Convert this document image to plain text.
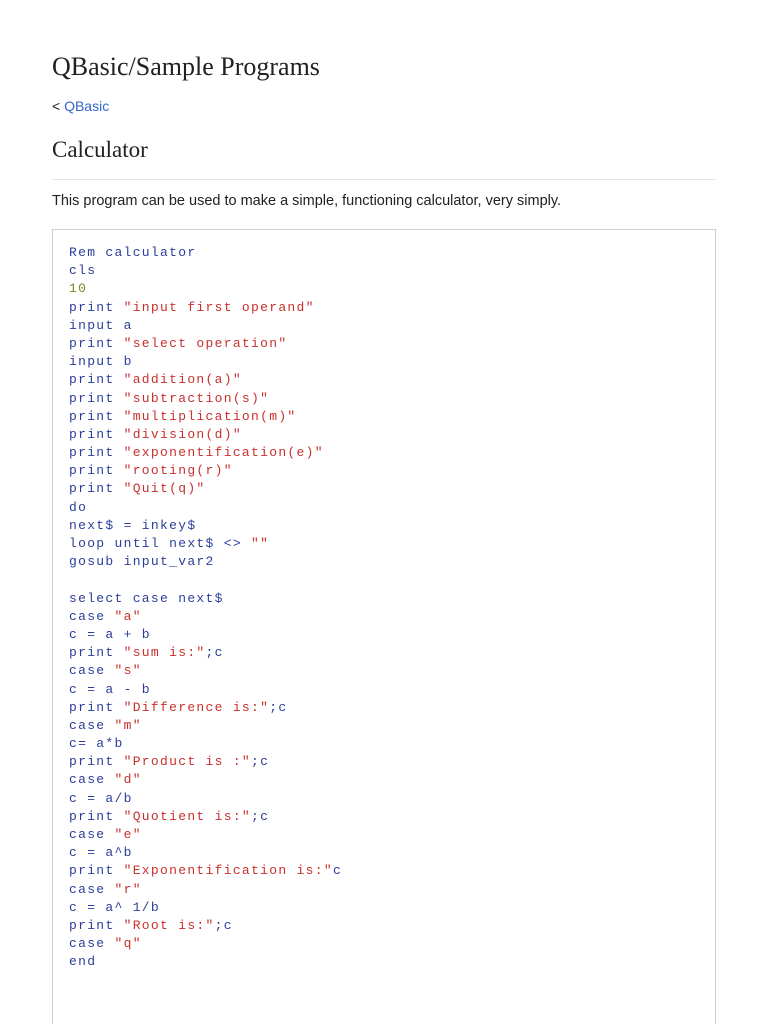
QBasic/Sample Programs
< QBasic
Calculator

This program can be used to make a simple, functioning calculator, very simply.

Rem calculator
cls
10
print "input first operand"
input a
print "select operation"
input b
print "addition(a)"
print "subtraction(s)"
print "multiplication(m)"
print "division(d)"
print "exponentification(e)"
print "rooting(r)"
print "Quit(q)"
do
next$ = inkey$
loop until next$ <> ""
gosub input_var2

select case next$
case "a"
c = a + b
print "sum is:";c
case "s"
c = a - b
print "Difference is:";c
case "m"
c= a*b
print "Product is :";c
case "d"
c = a/b
print "Quotient is:";c
case "e"
c = a^b
print "Exponentification is:"c
case "r"
c = a^ 1/b
print "Root is:";c
case "q"
end
